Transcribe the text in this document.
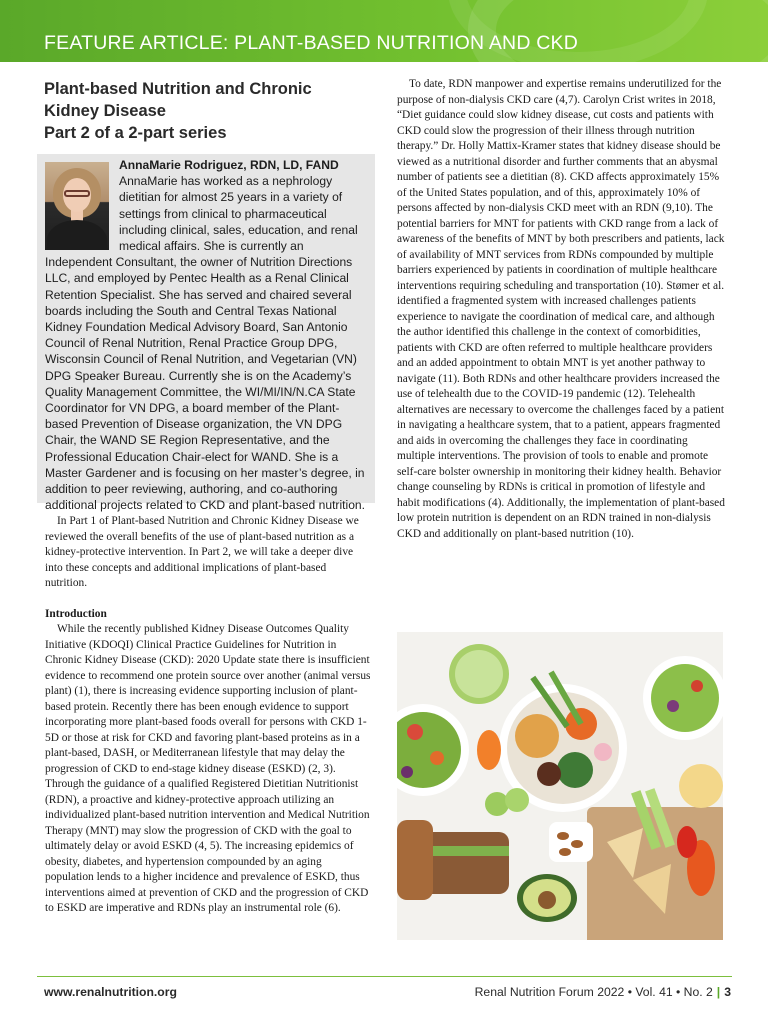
FEATURE ARTICLE: PLANT-BASED NUTRITION AND CKD
Plant-based Nutrition and Chronic
Kidney Disease
Part 2 of a 2-part series
AnnaMarie Rodriguez, RDN, LD, FAND
AnnaMarie has worked as a nephrology dietitian for almost 25 years in a variety of settings from clinical to pharmaceutical including clinical, sales, education, and renal medical affairs. She is currently an Independent Consultant, the owner of Nutrition Directions LLC, and employed by Pentec Health as a Renal Clinical Retention Specialist. She has served and chaired several boards including the South and Central Texas National Kidney Foundation Medical Advisory Board, San Antonio Council of Renal Nutrition, Renal Practice Group DPG, Wisconsin Council of Renal Nutrition, and Vegetarian (VN) DPG Speaker Bureau. Currently she is on the Academy’s Quality Management Committee, the WI/MI/IN/N.CA State Coordinator for VN DPG, a board member of the Plant-based Prevention of Disease organization, the VN DPG Chair, the WAND SE Region Representative, and the Professional Education Chair-elect for WAND. She is a Master Gardener and is focusing on her master’s degree, in addition to peer reviewing, authoring, and co-authoring additional projects related to CKD and plant-based nutrition.

In Part 1 of Plant-based Nutrition and Chronic Kidney Disease we reviewed the overall benefits of the use of plant-based nutrition as a kidney-protective intervention. In Part 2, we will take a deeper dive into these concepts and additional implications of plant-based nutrition.

Introduction

While the recently published Kidney Disease Outcomes Quality Initiative (KDOQI) Clinical Practice Guidelines for Nutrition in Chronic Kidney Disease (CKD): 2020 Update state there is insufficient evidence to recommend one protein source over another (animal versus plant) (1), there is increasing evidence supporting inclusion of plant-based protein. Recently there has been enough evidence to support incorporating more plant-based foods overall for persons with CKD 1-5D or those at risk for CKD and favoring plant-based proteins as in a plant-based, DASH, or Mediterranean lifestyle that may delay the progression of CKD to end-stage kidney disease (ESKD) (2, 3). Through the guidance of a qualified Registered Dietitian Nutritionist (RDN), a proactive and kidney-protective approach utilizing an individualized plant-based nutrition intervention and Medical Nutrition Therapy (MNT) may slow the progression of CKD with the goal to ultimately delay or avoid ESKD (4, 5). The increasing epidemics of obesity, diabetes, and hypertension compounded by an aging population lends to a higher incidence and prevalence of ESKD, thus interventions aimed at prevention of CKD and the progression of CKD to ESKD are imperative and RDNs play an instrumental role (6).

To date, RDN manpower and expertise remains underutilized for the purpose of non-dialysis CKD care (4,7). Carolyn Crist writes in 2018, “Diet guidance could slow kidney disease, cut costs and patients with CKD could slow the progression of their illness through nutrition therapy.” Dr. Holly Mattix-Kramer states that kidney disease should be viewed as a nutritional disorder and further comments that an abysmal number of patients see a dietitian (8). CKD affects approximately 15% of the United States population, and of this, approximately 10% of persons affected by non-dialysis CKD meet with an RDN (9,10). The potential barriers for MNT for patients with CKD range from a lack of awareness of the benefits of MNT by both prescribers and patients, lack of availability of MNT services from RDNs compounded by multiple barriers experienced by patients in coordination of multiple healthcare interventions requiring scheduling and transportation (10). Stømer et al. identified a fragmented system with increased challenges patients experience to navigate the coordination of medical care, and although the author identified this challenge in the context of comorbidities, patients with CKD are often referred to multiple healthcare providers and an added appointment to obtain MNT is yet another pathway to navigate (11). Both RDNs and other healthcare providers increased the use of telehealth due to the COVID-19 pandemic (12). Telehealth alternatives are necessary to overcome the challenges faced by a patient in navigating a healthcare system, that to a patient, appears fragmented and aids in overcoming the challenges they face in coordinating multiple interventions. The provision of tools to enable and promote self-care bolster ownership in monitoring their kidney health. Behavior change counseling by RDNs is critical in promotion of lifestyle and habit modifications (4). Additionally, the implementation of plant-based low protein nutrition is dependent on an RDN trained in non-dialysis CKD and additionally on plant-based nutrition (10).

www.renalnutrition.org	Renal Nutrition Forum 2022 • Vol. 41 • No. 2 | 3
